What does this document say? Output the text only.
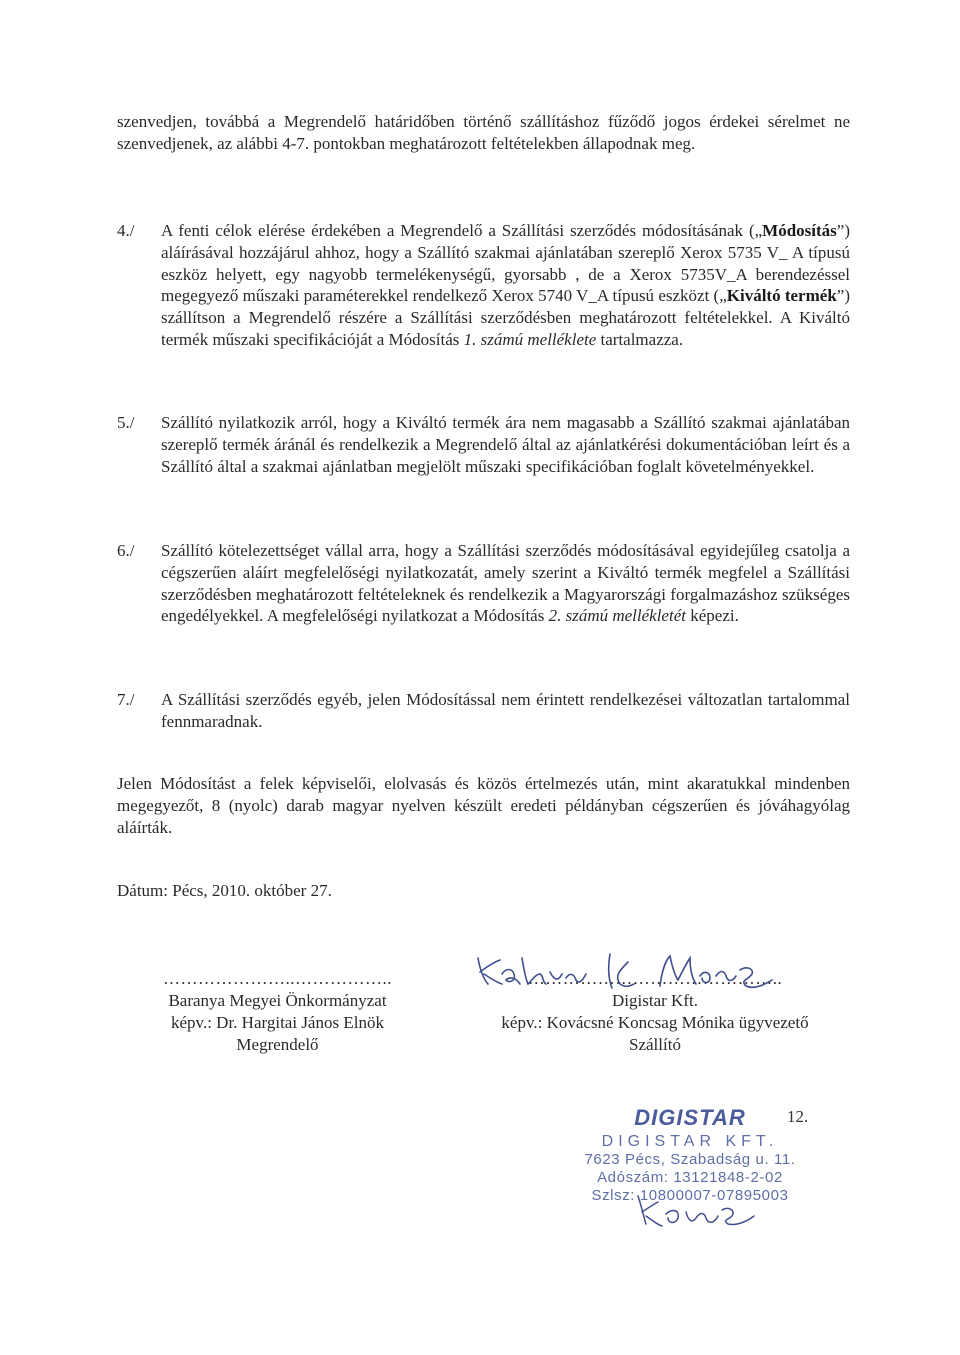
szenvedjen, továbbá a Megrendelő határidőben történő szállításhoz fűződő jogos érdekei sérelmet ne szenvedjenek, az alábbi 4-7. pontokban meghatározott feltételekben állapodnak meg.
4./ A fenti célok elérése érdekében a Megrendelő a Szállítási szerződés módosításának („Módosítás”) aláírásával hozzájárul ahhoz, hogy a Szállító szakmai ajánlatában szereplő Xerox 5735 V_ A típusú eszköz helyett, egy nagyobb termelékenységű, gyorsabb , de a Xerox 5735V_A berendezéssel megegyező műszaki paraméterekkel rendelkező Xerox 5740 V_A típusú eszközt („Kiváltó termék”) szállítson a Megrendelő részére a Szállítási szerződésben meghatározott feltételekkel. A Kiváltó termék műszaki specifikációját a Módosítás 1. számú melléklete tartalmazza.
5./ Szállító nyilatkozik arról, hogy a Kiváltó termék ára nem magasabb a Szállító szakmai ajánlatában szereplő termék áránál és rendelkezik a Megrendelő által az ajánlatkérési dokumentációban leírt és a Szállító által a szakmai ajánlatban megjelölt műszaki specifikációban foglalt követelményekkel.
6./ Szállító kötelezettséget vállal arra, hogy a Szállítási szerződés módosításával egyidejűleg csatolja a cégszerűen aláírt megfelelőségi nyilatkozatát, amely szerint a Kiváltó termék megfelel a Szállítási szerződésben meghatározott feltételeknek és rendelkezik a Magyarországi forgalmazáshoz szükséges engedélyekkel. A megfelelőségi nyilatkozat a Módosítás 2. számú mellékletét képezi.
7./ A Szállítási szerződés egyéb, jelen Módosítással nem érintett rendelkezései változatlan tartalommal fennmaradnak.
Jelen Módosítást a felek képviselői, elolvasás és közös értelmezés után, mint akaratukkal mindenben megegyezőt, 8 (nyolc) darab magyar nyelven készült eredeti példányban cégszerűen és jóváhagyólag aláírták.
Dátum: Pécs, 2010. október 27.
…………………..……………..
Baranya Megyei Önkormányzat
képv.: Dr. Hargitai János Elnök
Megrendelő
……………………………………..
Digistar Kft.
képv.: Kovácsné Koncsag Mónika ügyvezető
Szállító
DIGISTAR
DIGISTAR KFT.
7623 Pécs, Szabadság u. 11.
Adószám: 13121848-2-02
Szlsz: 10800007-07895003
12.
